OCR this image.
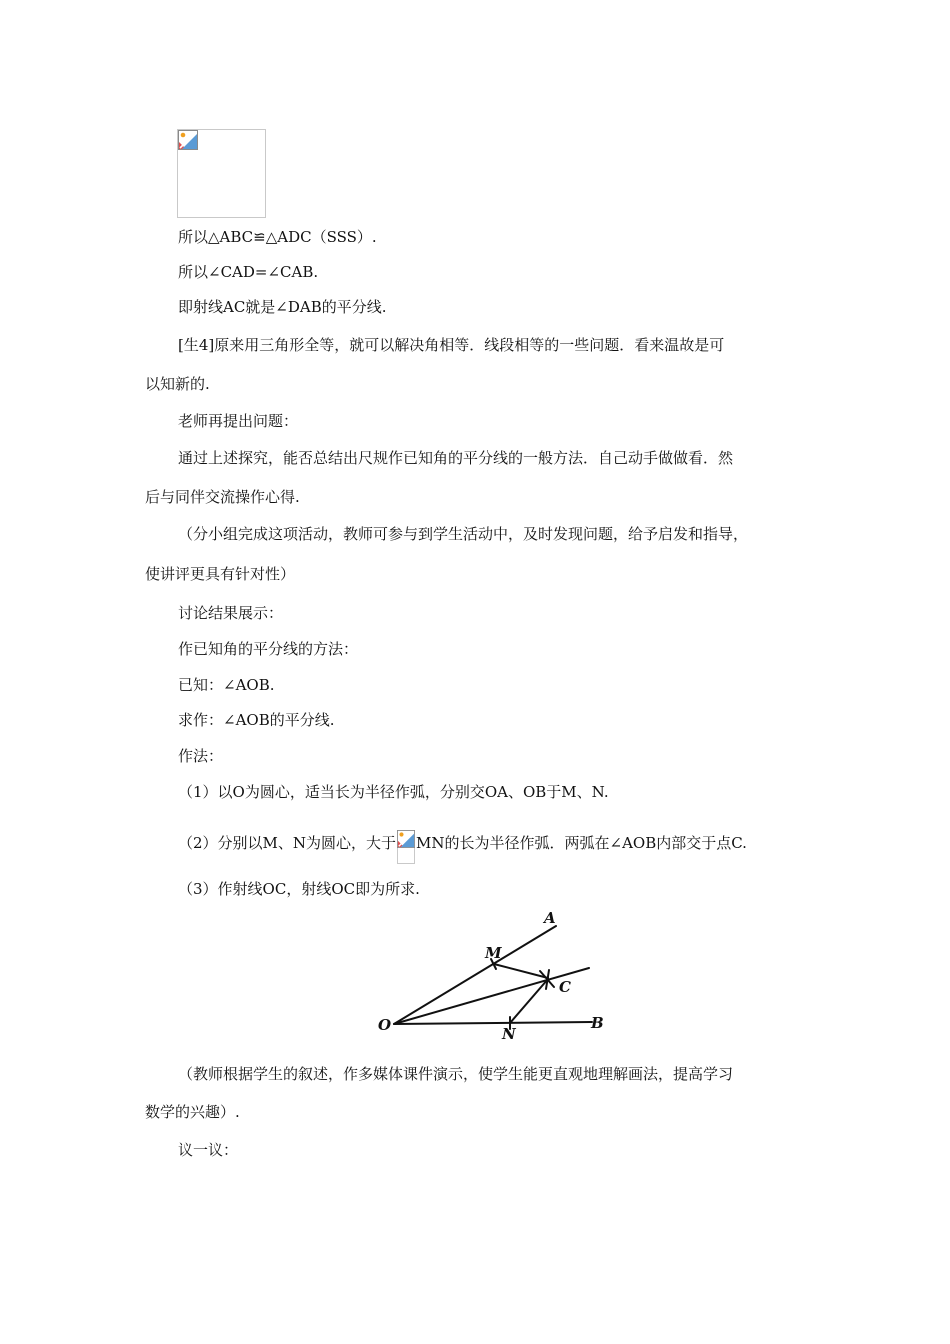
所以△ABC≌△ADC（SSS）.
所以∠CAD=∠CAB.
即射线AC就是∠DAB的平分线.
[生4]原来用三角形全等，就可以解决角相等．线段相等的一些问题．看来温故是可
以知新的.
老师再提出问题：
通过上述探究，能否总结出尺规作已知角的平分线的一般方法．自己动手做做看．然
后与同伴交流操作心得.
（分小组完成这项活动，教师可参与到学生活动中，及时发现问题，给予启发和指导，
使讲评更具有针对性）
讨论结果展示：
作已知角的平分线的方法：
已知：∠AOB.
求作：∠AOB的平分线.
作法：
（1）以O为圆心，适当长为半径作弧，分别交OA、OB于M、N.
（2）分别以M、N为圆心，大于 MN的长为半径作弧．两弧在∠AOB内部交于点C.
（3）作射线OC，射线OC即为所求.
A
M
C
O	N
B
（教师根据学生的叙述，作多媒体课件演示，使学生能更直观地理解画法，提高学习
数学的兴趣）.
议一议：
